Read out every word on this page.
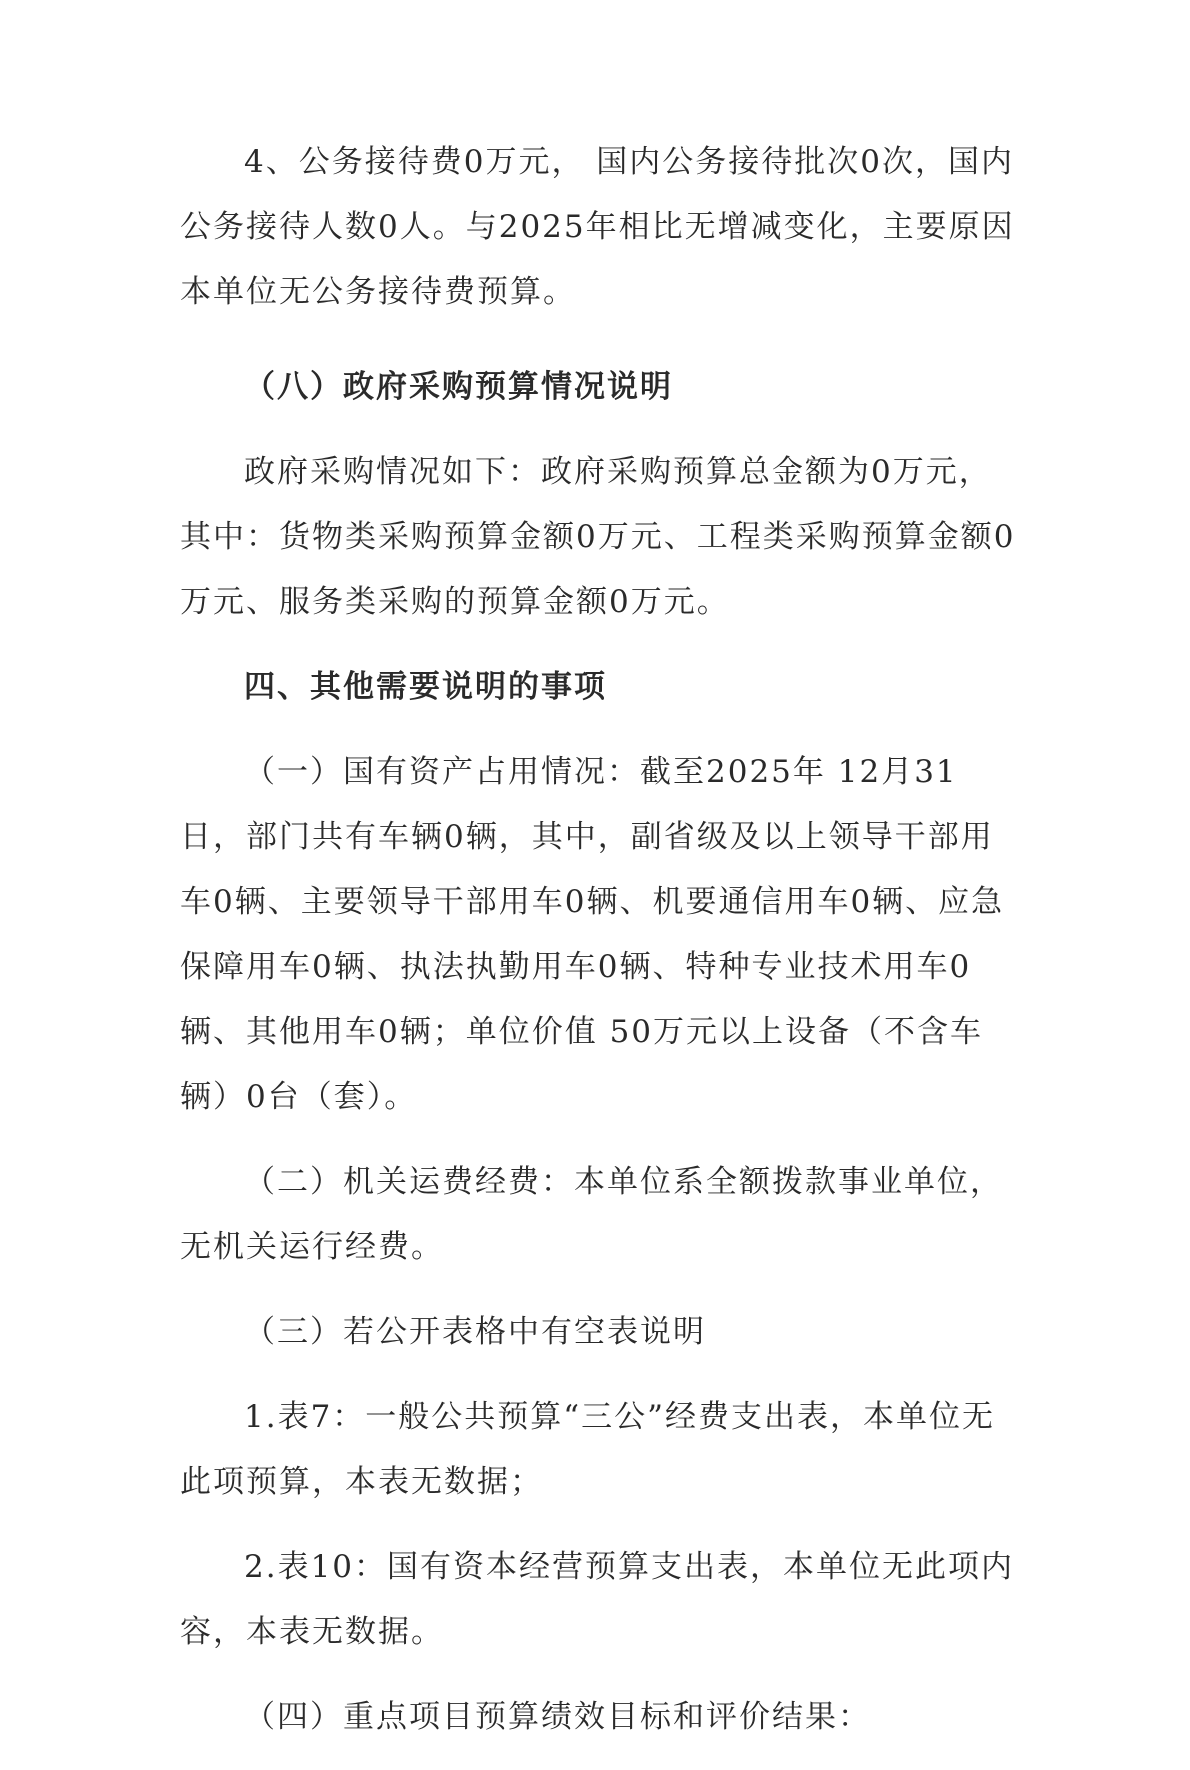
4、公务接待费0万元， 国内公务接待批次0次，国内公务接待人数0人。与2025年相比无增减变化，主要原因本单位无公务接待费预算。

（八）政府采购预算情况说明

政府采购情况如下：政府采购预算总金额为0万元，其中：货物类采购预算金额0万元、工程类采购预算金额0万元、服务类采购的预算金额0万元。

四、其他需要说明的事项

（一）国有资产占用情况：截至2025年 12月31日，部门共有车辆0辆，其中，副省级及以上领导干部用车0辆、主要领导干部用车0辆、机要通信用车0辆、应急保障用车0辆、执法执勤用车0辆、特种专业技术用车0辆、其他用车0辆；单位价值 50万元以上设备（不含车辆）0台（套）。

（二）机关运费经费：本单位系全额拨款事业单位，无机关运行经费。

（三）若公开表格中有空表说明

1.表7：一般公共预算“三公”经费支出表，本单位无此项预算，本表无数据；

2.表10：国有资本经营预算支出表，本单位无此项内容，本表无数据。

（四）重点项目预算绩效目标和评价结果：
